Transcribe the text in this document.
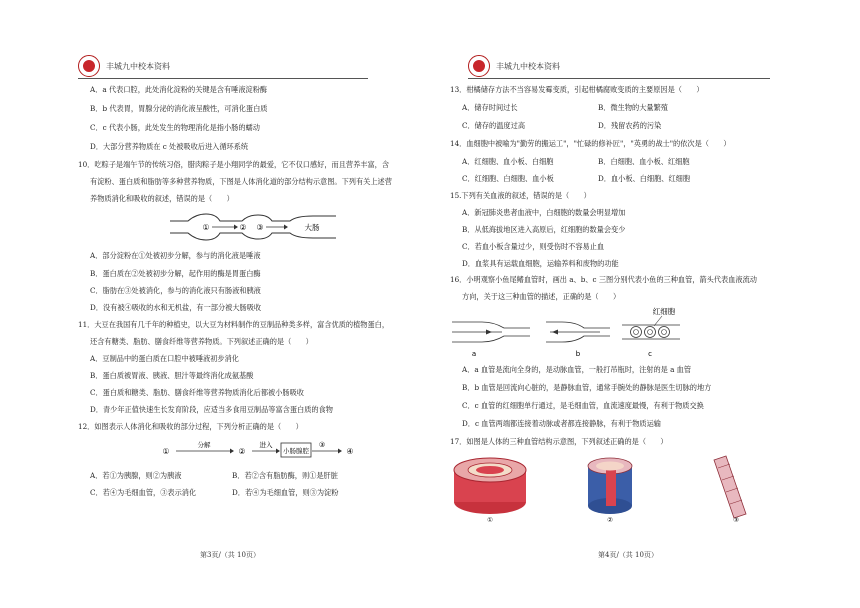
丰城九中校本资料
A．a 代表口腔，此处消化淀粉的关键是含有唾液淀粉酶
B．b 代表胃，胃腺分泌的消化液呈酸性，可消化蛋白质
C．c 代表小肠，此处发生的物理消化是指小肠的蠕动
D．大部分营养物质在 c 处被吸收后进入循环系统
10．吃粽子是端午节的传统习俗，腊肉粽子是小翔同学的最爱，它不仅口感好，而且营养丰富，含
有淀粉、蛋白质和脂肪等多种营养物质，下图是人体消化道的部分结构示意图。下列有关上述营
养物质消化和吸收的叙述，错误的是（　　）
①	② ③	大肠
A．部分淀粉在①处被初步分解，参与的消化液是唾液
B．蛋白质在②处被初步分解，起作用的酶是胃蛋白酶
C．脂肪在③处被消化，参与的消化液只有肠液和胰液
D．没有被④吸收的水和无机盐，有一部分被大肠吸收
11．大豆在我国有几千年的种植史，以大豆为材料制作的豆制品种类多样，富含优质的植物蛋白，
还含有糖类、脂肪、膳食纤维等营养物质。下列叙述正确的是（　　）
A．豆制品中的蛋白质在口腔中被唾液初步消化
B．蛋白质被胃液、胰液、胆汁等最终消化成氨基酸
C．蛋白质和糖类、脂肪、膳食纤维等营养物质消化后都被小肠吸收
D．青少年正值快速生长发育阶段，应适当多食用豆制品等富含蛋白质的食物
12．如图表示人体消化和吸收的部分过程，下列分析正确的是（　　）
①
分解
②
进入
小肠腺腔
③
④
A．若①为胰腺，则②为胰液	B．若②含有脂肪酶，则①是肝脏
C．若④为毛细血管，③表示消化	D．若④为毛细血管，则③为淀粉
第3页/（共 10页）
丰城九中校本资料
13．柑橘储存方法不当容易发霉变质，引起柑橘腐败变质的主要原因是（　　）
A．储存时间过长	B．微生物的大量繁殖
C．储存的温度过高	D．残留农药的污染
14．血细胞中被喻为"勤劳的搬运工"，"忙碌的修补匠"，"英勇的战士"的依次是（　　）
A．红细胞、血小板、白细胞	B．白细胞、血小板、红细胞
C．红细胞、白细胞、血小板	D．血小板、白细胞、红细胞
15.下列有关血液的叙述，错误的是（　　）
A．新冠肺炎患者血液中，白细胞的数量会明显增加
B．从低海拔地区进入高原后，红细胞的数量会变少
C．若血小板含量过少，则受伤时不容易止血
D．血浆具有运载血细胞，运输养料和废物的功能
16．小明观察小鱼尾鳍血管时，画出 a、b、c 三图分别代表小鱼的三种血管，箭头代表血液流动
方向，关于这三种血管的描述，正确的是（　　）
a	b
红细胞
c
A．a 血管是流向全身的，是动脉血管，一般打吊瓶时，注射的是 a 血管
B．b 血管是回流向心脏的，是静脉血管，通常手腕处的静脉是医生切脉的地方
C．c 血管的红细胞单行通过，是毛细血管，血流速度最慢，有利于物质交换
D．c 血管两端都连接着动脉或者都连接静脉，有利于物质运输
17．如图是人体的三种血管结构示意图，下列叙述正确的是（　　）
①	②	③
第4页/（共 10页）
